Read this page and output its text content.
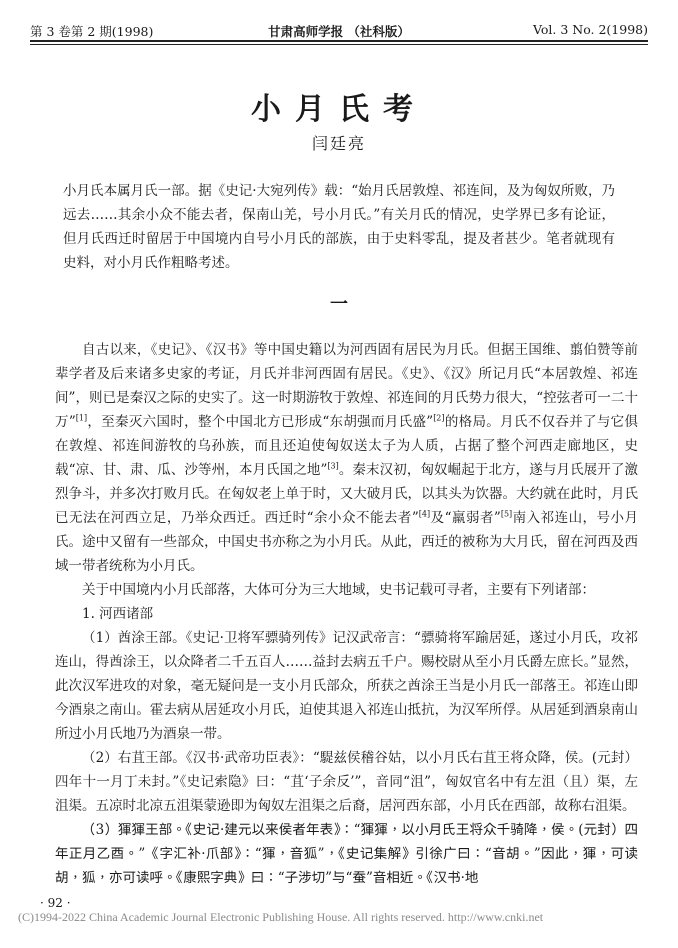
第 3 卷第 2 期(1998)	甘肃高师学报 （社科版）	Vol. 3 No. 2(1998)
小月氏考
闫廷亮
小月氏本属月氏一部。据《史记·大宛列传》载：“始月氏居敦煌、祁连间，及为匈奴所败，乃远去……其余小众不能去者，保南山羌，号小月氏。”有关月氏的情况，史学界已多有论证，但月氏西迁时留居于中国境内自号小月氏的部族，由于史料零乱，提及者甚少。笔者就现有史料，对小月氏作粗略考述。
一

自古以来，《史记》、《汉书》等中国史籍以为河西固有居民为月氏。但据王国维、翦伯赞等前辈学者及后来诸多史家的考证，月氏并非河西固有居民。《史》、《汉》所记月氏“本居敦煌、祁连间”，则已是秦汉之际的史实了。这一时期游牧于敦煌、祁连间的月氏势力很大，“控弦者可一二十万”[1]，至秦灭六国时，整个中国北方已形成“东胡强而月氏盛”[2]的格局。月氏不仅吞并了与它俱在敦煌、祁连间游牧的乌孙族，而且还迫使匈奴送太子为人质，占据了整个河西走廊地区，史载“凉、甘、肃、瓜、沙等州，本月氏国之地”[3]。秦末汉初，匈奴崛起于北方，遂与月氏展开了激烈争斗，并多次打败月氏。在匈奴老上单于时，又大破月氏，以其头为饮器。大约就在此时，月氏已无法在河西立足，乃举众西迁。西迁时“余小众不能去者”[4]及“羸弱者”[5]南入祁连山，号小月氏。途中又留有一些部众，中国史书亦称之为小月氏。从此，西迁的被称为大月氏，留在河西及西域一带者统称为小月氏。

关于中国境内小月氏部落，大体可分为三大地域，史书记载可寻者，主要有下列诸部：

1. 河西诸部

（1）酋涂王部。《史记·卫将军骠骑列传》记汉武帝言：“骠骑将军踰居延，遂过小月氏，攻祁连山，得酋涂王，以众降者二千五百人……益封去病五千户。赐校尉从至小月氏爵左庶长。”显然，此次汉军进攻的对象，毫无疑问是一支小月氏部众，所获之酋涂王当是小月氏一部落王。祁连山即今酒泉之南山。霍去病从居延攻小月氏，迫使其退入祁连山抵抗，为汉军所俘。从居延到酒泉南山所过小月氏地乃为酒泉一带。

（2）右苴王部。《汉书·武帝功臣表》：“騠兹侯稽谷姑，以小月氏右苴王将众降，侯。(元封）四年十一月丁未封。”《史记索隐》曰：“苴‘子余反’”，音同“沮”，匈奴官名中有左沮（且）渠，左沮渠。五凉时北凉五沮渠蒙逊即为匈奴左沮渠之后裔，居河西东部，小月氏在西部，故称右沮渠。

（3）𤟤𤟤王部。《史记·建元以来侯者年表》：“𤟤𤟤，以小月氏王将众千骑降，侯。(元封）四年正月乙酉。”《字汇补·爪部》：“𤟤，音狐”，《史记集解》引徐广曰：“音胡。”因此，𤟤，可读胡，狐，亦可读呼。《康熙字典》曰：“子涉切”与“蚕”音相近。《汉书·地

· 92 ·
(C)1994-2022 China Academic Journal Electronic Publishing House. All rights reserved. http://www.cnki.net
